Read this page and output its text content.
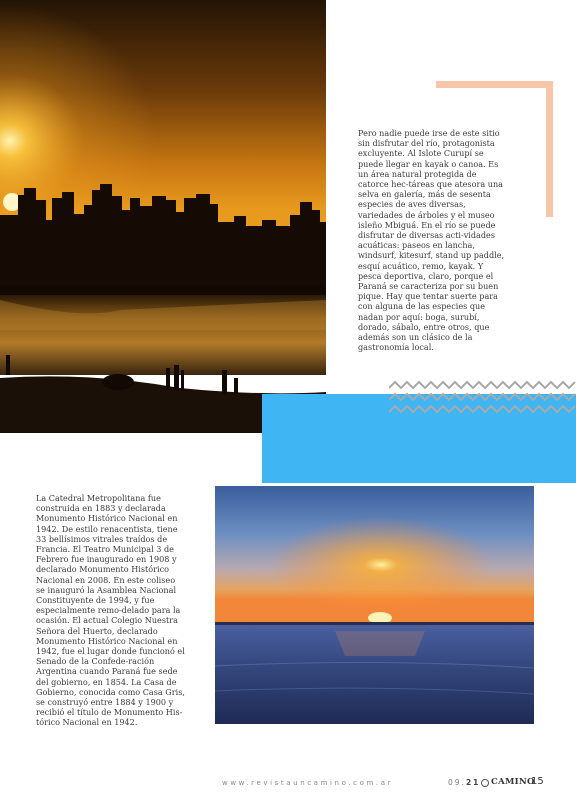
Pero nadie puede irse de este sitio sin disfrutar del río, protagonista excluyente. Al Islote Curupí se puede llegar en kayak o canoa. Es un área natural protegida de catorce hec-táreas que atesora una selva en galería, más de sesenta especies de aves diversas, variedades de árboles y el museo isleño Mbiguá. En el río se puede disfrutar de diversas acti-vidades acuáticas: paseos en lancha, windsurf, kitesurf, stand up paddle, esquí acuático, remo, kayak. Y pesca deportiva, claro, porque el Paraná se caracteriza por su buen pique. Hay que tentar suerte para con alguna de las especies que nadan por aquí: boga, surubí, dorado, sábalo, entre otros, que además son un clásico de la gastronomía local.
La Catedral Metropolitana fue construida en 1883 y declarada Monumento Histórico Nacional en 1942. De estilo renacentista, tiene 33 bellísimos vitrales traídos de Francia. El Teatro Municipal 3 de Febrero fue inaugurado en 1908 y declarado Monumento Histórico Nacional en 2008. En este coliseo se inauguró la Asamblea Nacional Constituyente de 1994, y fue especialmente remo-delado para la ocasión. El actual Colegio Nuestra Señora del Huerto, declarado Monumento Histórico Nacional en 1942, fue el lugar donde funcionó el Senado de la Confede-ración Argentina cuando Paraná fue sede del gobierno, en 1854. La Casa de Gobierno, conocida como Casa Gris, se construyó entre 1884 y 1900 y recibió el título de Monumento His-tórico Nacional en 1942.
www.revistauncamino.com.ar	09.21 CAMINO
15
